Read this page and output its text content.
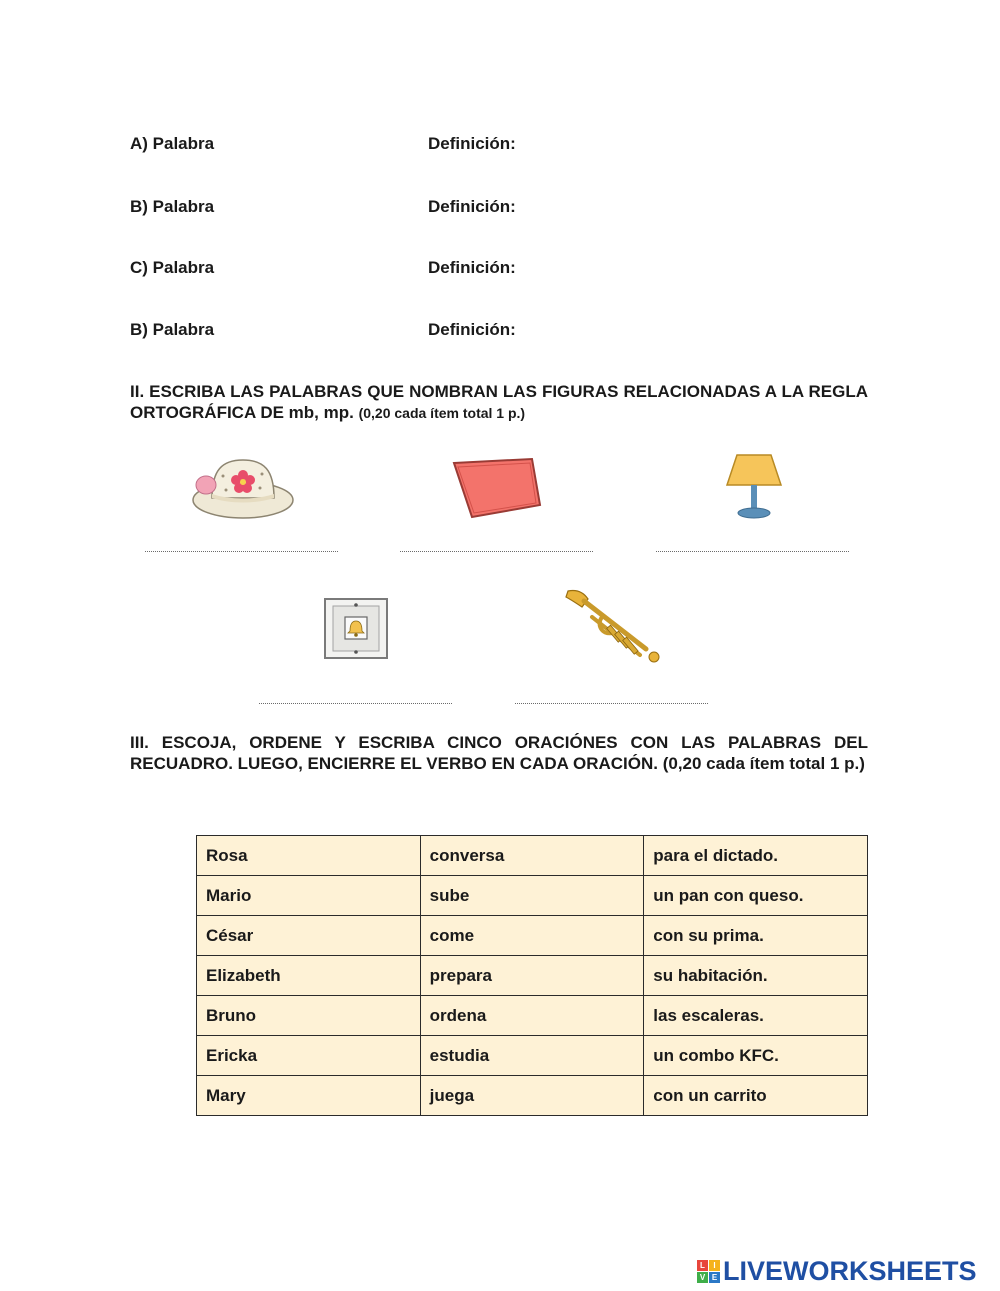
A) Palabra	Definición:
B) Palabra	Definición:
C) Palabra	Definición:
B) Palabra	Definición:
II. ESCRIBA LAS PALABRAS QUE NOMBRAN LAS FIGURAS RELACIONADAS A LA REGLA ORTOGRÁFICA DE mb, mp. (0,20 cada ítem total 1 p.)
III. ESCOJA, ORDENE Y ESCRIBA CINCO ORACIÓNES CON LAS PALABRAS DEL RECUADRO. LUEGO, ENCIERRE EL VERBO EN CADA ORACIÓN. (0,20 cada ítem total 1 p.)
Rosa	conversa	para el dictado.
Mario	sube	un pan con queso.
César	come	con su prima.
Elizabeth	prepara	su habitación.
Bruno	ordena	las escaleras.
Ericka	estudia	un combo KFC.
Mary	juega	con un carrito
L	I
V E LIVEWORKSHEETS
